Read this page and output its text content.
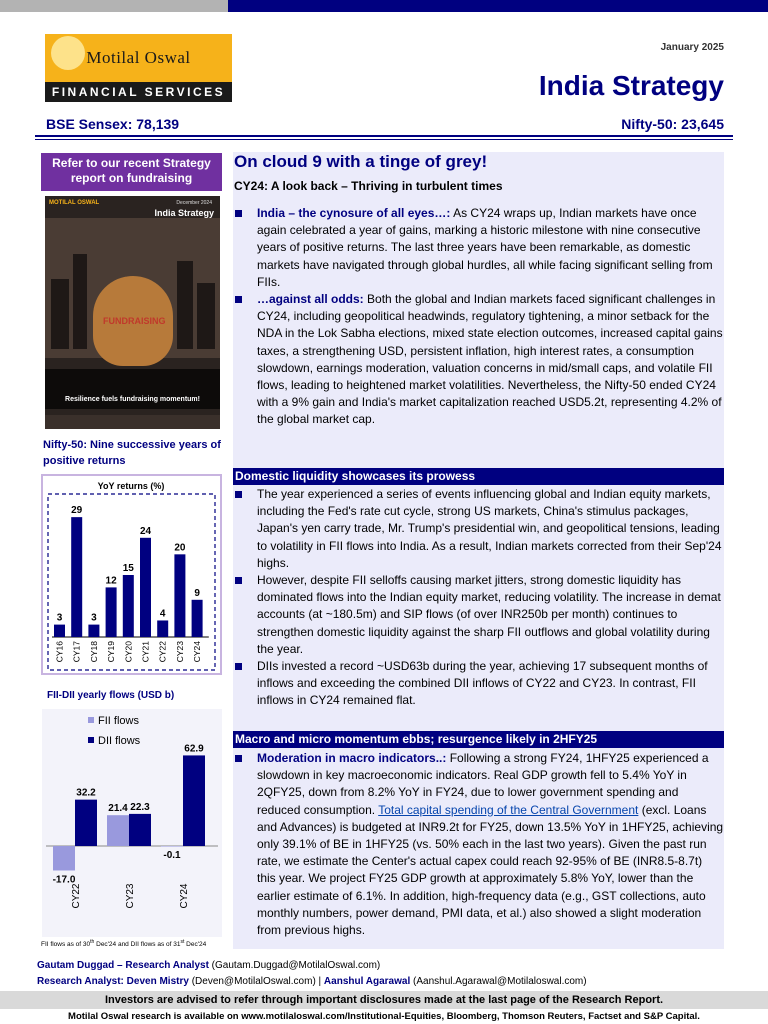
Motilal Oswal
FINANCIAL SERVICES
January 2025
India Strategy
BSE Sensex: 78,139	Nifty-50: 23,645
Refer to our recent Strategy report on fundraising
MOTILAL OSWAL	December 2024
India Strategy
FUNDRAISING
Resilience fuels fundraising momentum!
Nifty-50: Nine successive years of positive returns
YoY returns (%)
3
CY16
29
CY17
3
CY18
12
CY19
15
CY20
24
CY21
4
CY22
20
CY23
9
CY24
FII-DII yearly flows (USD b)
FII flows
DII flows
-17.0
32.2
CY22
21.4 22.3
CY23
-0.1
62.9
CY24
FII flows as of 30th Dec'24 and DII flows as of 31st Dec'24
On cloud 9 with a tinge of grey!
CY24: A look back – Thriving in turbulent times
India – the cynosure of all eyes…: As CY24 wraps up, Indian markets have once again celebrated a year of gains, marking a historic milestone with nine consecutive years of positive returns. The last three years have been remarkable, as domestic markets have navigated through global hurdles, all while facing significant selling from FIIs.
…against all odds: Both the global and Indian markets faced significant challenges in CY24, including geopolitical headwinds, regulatory tightening, a minor setback for the NDA in the Lok Sabha elections, mixed state election outcomes, increased capital gains taxes, a strengthening USD, persistent inflation, high interest rates, a consumption slowdown, earnings moderation, valuation concerns in mid/small caps, and volatile FII flows, leading to heightened market volatilities. Nevertheless, the Nifty-50 ended CY24 with a 9% gain and India's market capitalization reached USD5.2t, representing 4.2% of the global market cap.
Domestic liquidity showcases its prowess
The year experienced a series of events influencing global and Indian equity markets, including the Fed's rate cut cycle, strong US markets, China's stimulus packages, Japan's yen carry trade, Mr. Trump's presidential win, and geopolitical tensions, leading to volatility in FII flows into India. As a result, Indian markets corrected from their Sep'24 highs.
However, despite FII selloffs causing market jitters, strong domestic liquidity has dominated flows into the Indian equity market, reducing volatility. The increase in demat accounts (at ~180.5m) and SIP flows (of over INR250b per month) continues to strengthen domestic liquidity against the sharp FII outflows and global volatility during the year.
DIIs invested a record ~USD63b during the year, achieving 17 subsequent months of inflows and exceeding the combined DII inflows of CY22 and CY23. In contrast, FII inflows in CY24 remained flat.
Macro and micro momentum ebbs; resurgence likely in 2HFY25
Moderation in macro indicators..: Following a strong FY24, 1HFY25 experienced a slowdown in key macroeconomic indicators. Real GDP growth fell to 5.4% YoY in 2QFY25, down from 8.2% YoY in FY24, due to lower government spending and reduced consumption. Total capital spending of the Central Government (excl. Loans and Advances) is budgeted at INR9.2t for FY25, down 13.5% YoY in 1HFY25, achieving only 39.1% of BE in 1HFY25 (vs. 50% each in the last two years). Given the past run rate, we estimate the Center's actual capex could reach 92-95% of BE (INR8.5-8.7t) this year. We project FY25 GDP growth at approximately 5.8% YoY, lower than the earlier estimate of 6.1%. In addition, high-frequency data (e.g., GST collections, auto monthly numbers, power demand, PMI data, et al.) also showed a slight moderation from previous highs.
Gautam Duggad – Research Analyst (Gautam.Duggad@MotilalOswal.com)
Research Analyst: Deven Mistry (Deven@MotilalOswal.com) | Aanshul Agarawal (Aanshul.Agarawal@Motilaloswal.com)
Investors are advised to refer through important disclosures made at the last page of the Research Report.
Motilal Oswal research is available on www.motilaloswal.com/Institutional-Equities, Bloomberg, Thomson Reuters, Factset and S&P Capital.
